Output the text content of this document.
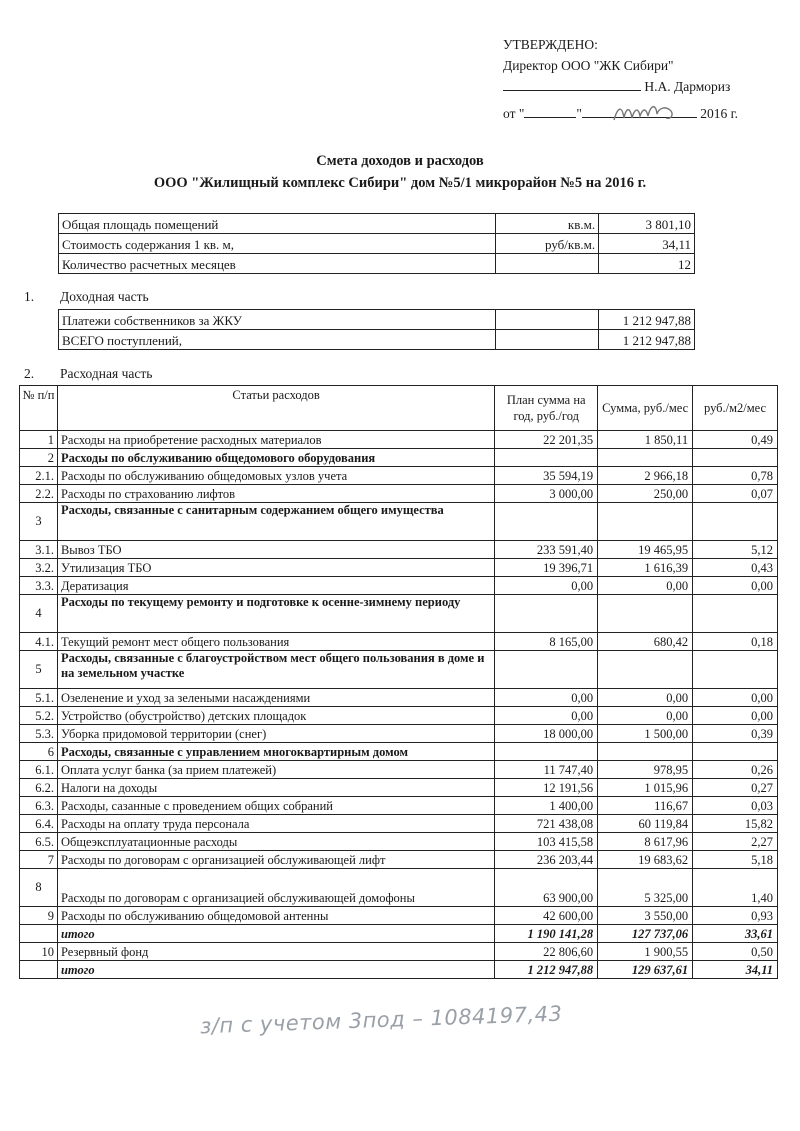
УТВЕРЖДЕНО:
Директор ООО "ЖК Сибири"
Н.А. Дармориз
от "	"	2016 г.
Смета доходов и расходов
ООО "Жилищный комплекс Сибири" дом №5/1 микрорайон №5 на 2016 г.
Общая площадь помещений	кв.м.	3 801,10
Стоимость содержания 1 кв. м,	руб/кв.м.	34,11
Количество расчетных месяцев		12
1. Доходная часть
Платежи собственников за ЖКУ		1 212 947,88
ВСЕГО поступлений,		1 212 947,88
2. Расходная часть
№ п/п	Статьи расходов	План сумма на год, руб./год	Сумма, руб./мес	руб./м2/мес
1	Расходы на приобретение расходных материалов	22 201,35	1 850,11	0,49
2	Расходы по обслуживанию общедомового оборудования			
2.1.	Расходы по обслуживанию общедомовых узлов учета	35 594,19	2 966,18	0,78
2.2.	Расходы по страхованию лифтов	3 000,00	250,00	0,07
3	Расходы, связанные с санитарным содержанием общего имущества			
3.1.	Вывоз ТБО	233 591,40	19 465,95	5,12
3.2.	Утилизация ТБО	19 396,71	1 616,39	0,43
3.3.	Дератизация	0,00	0,00	0,00
4	Расходы по текущему ремонту и подготовке к осенне-зимнему периоду			
4.1.	Текущий ремонт мест общего пользования	8 165,00	680,42	0,18
5	Расходы, связанные с благоустройством мест общего пользования в доме и на земельном участке			
5.1.	Озеленение и уход за зелеными насаждениями	0,00	0,00	0,00
5.2.	Устройство (обустройство) детских площадок	0,00	0,00	0,00
5.3.	Уборка придомовой территории (снег)	18 000,00	1 500,00	0,39
6	Расходы, связанные с управлением многоквартирным домом			
6.1.	Оплата услуг банка (за прием платежей)	11 747,40	978,95	0,26
6.2.	Налоги на доходы	12 191,56	1 015,96	0,27
6.3.	Расходы, сазанные с проведением общих собраний	1 400,00	116,67	0,03
6.4.	Расходы на оплату труда персонала	721 438,08	60 119,84	15,82
6.5.	Общеэксплуатационные расходы	103 415,58	8 617,96	2,27
7	Расходы по договорам с организацией обслуживающей лифт	236 203,44	19 683,62	5,18
8	Расходы по договорам с организацией обслуживающей домофоны	63 900,00	5 325,00	1,40
9	Расходы по обслуживанию общедомовой антенны	42 600,00	3 550,00	0,93
	итого	1 190 141,28	127 737,06	33,61
10	Резервный фонд	22 806,60	1 900,55	0,50
	итого	1 212 947,88	129 637,61	34,11
з/п с учетом 3под – 1084197,43
